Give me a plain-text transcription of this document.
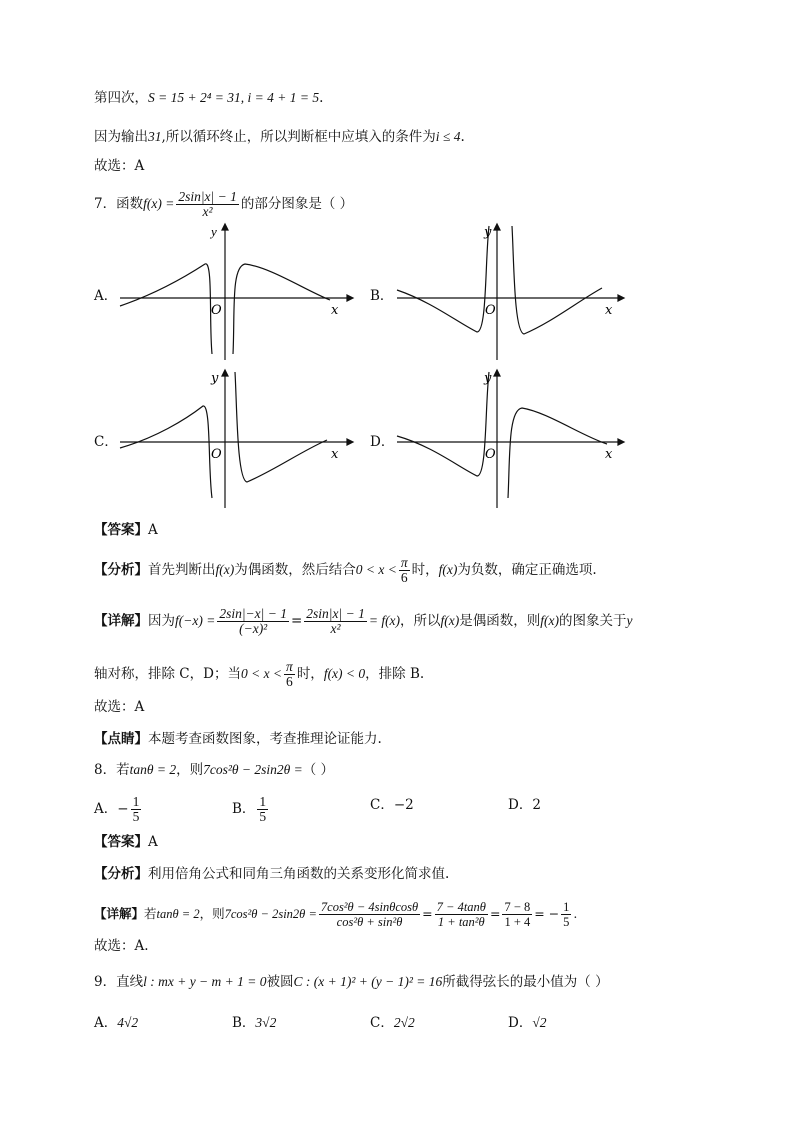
第四次，S = 15 + 2⁴ = 31, i = 4 + 1 = 5.
因为输出31,所以循环终止，所以判断框中应填入的条件为i ≤ 4.
故选：A
7．函数$f(x) = \frac{2\sin|x| - 1}{\text{x²}}$ 的部分图象是（ ）
A．	B．
C．	D．
y
x
O
y
x
O
y
x
O
y
x
O
【答案】A
【分析】首先判断出f(x)为偶函数，然后结合$0 < x < \frac{\pi}{6}$ 时，f(x)为负数，确定正确选项.
【详解】因为$f(-x) = \frac{2\sin|-x| - 1}{\text{(−x)²}} = \frac{2\sin|x| - 1}{\text{x²}} = f(x)$，所以f(x)是偶函数，则f(x)的图象关于y
轴对称，排除 C，D；当$0 < x < \frac{\pi}{6}$ 时，f(x) < 0，排除 B.
故选：A
【点睛】本题考查函数图象，考查推理论证能力.
8．若tanθ = 2，则7cos²θ − 2sin2θ =（ ）
A．− $\frac{1}{5}$	B． $\frac{1}{5}$	C．−2	D．2
【答案】A
【分析】利用倍角公式和同角三角函数的关系变形化简求值.
【详解】若tanθ = 2，则$7\cos^2\theta - 2\sin 2\theta = \frac{\text{7cos²θ − 4sinθcosθ}}{\text{cos²θ + sin²θ}} = \frac{7 - 4\tan\theta}{\text{1 + tan²θ}} = \frac{7 - 8}{1 + 4}$ = − $\frac{1}{5}$ .
故选：A.
9．直线l : mx + y − m + 1 = 0被圆C : (x + 1)² + (y − 1)² = 16所截得弦长的最小值为（ ）
A．4√2	B．3√2	C．2√2	D．√2
